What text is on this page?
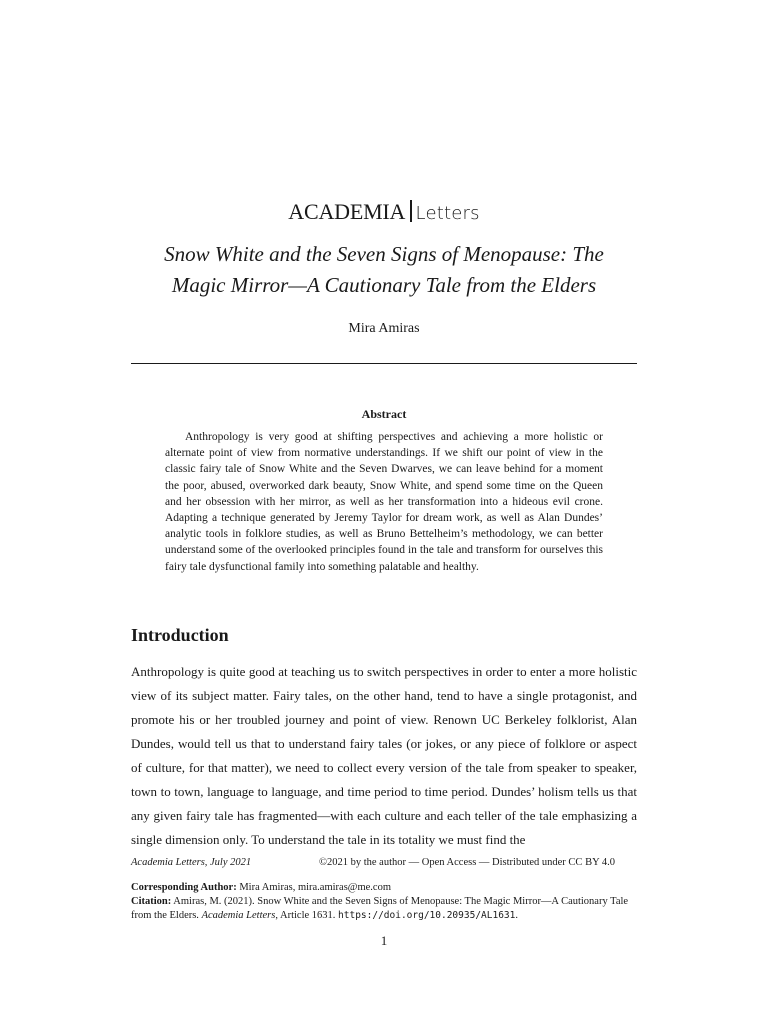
ACADEMIA Letters
Snow White and the Seven Signs of Menopause: The
Magic Mirror—A Cautionary Tale from the Elders
Mira Amiras
Abstract

Anthropology is very good at shifting perspectives and achieving a more holistic or alternate point of view from normative understandings. If we shift our point of view in the classic fairy tale of Snow White and the Seven Dwarves, we can leave behind for a moment the poor, abused, overworked dark beauty, Snow White, and spend some time on the Queen and her obsession with her mirror, as well as her transformation into a hideous evil crone. Adapting a technique generated by Jeremy Taylor for dream work, as well as Alan Dundes’ analytic tools in folklore studies, as well as Bruno Bettelheim’s methodology, we can better understand some of the overlooked principles found in the tale and transform for ourselves this fairy tale dysfunctional family into something palatable and healthy.

Introduction

Anthropology is quite good at teaching us to switch perspectives in order to enter a more holistic view of its subject matter. Fairy tales, on the other hand, tend to have a single protagonist, and promote his or her troubled journey and point of view. Renown UC Berkeley folklorist, Alan Dundes, would tell us that to understand fairy tales (or jokes, or any piece of folklore or aspect of culture, for that matter), we need to collect every version of the tale from speaker to speaker, town to town, language to language, and time period to time period. Dundes’ holism tells us that any given fairy tale has fragmented—with each culture and each teller of the tale emphasizing a single dimension only. To understand the tale in its totality we must find the

Academia Letters, July 2021	©2021 by the author — Open Access — Distributed under CC BY 4.0
Corresponding Author: Mira Amiras, mira.amiras@me.com
Citation: Amiras, M. (2021). Snow White and the Seven Signs of Menopause: The Magic Mirror—A Cautionary Tale from the Elders. Academia Letters, Article 1631. https://doi.org/10.20935/AL1631.
1
